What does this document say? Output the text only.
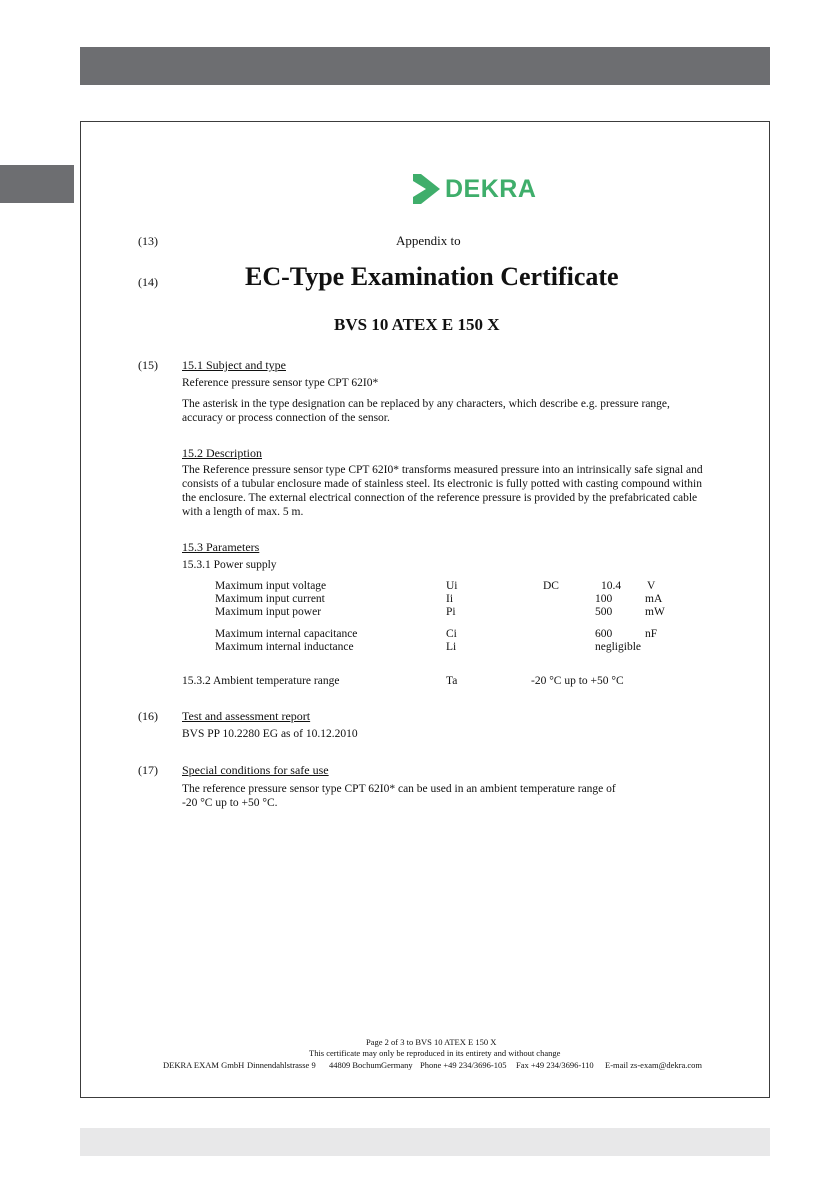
DEKRA
(13)	Appendix to
(14)	EC-Type Examination Certificate
BVS 10 ATEX E 150 X
(15) 15.1 Subject and type
Reference pressure sensor type CPT 62I0*
The asterisk in the type designation can be replaced by any characters, which describe e.g. pressure range,
accuracy or process connection of the sensor.
15.2 Description
The Reference pressure sensor type CPT 62I0* transforms measured pressure into an intrinsically safe signal and
consists of a tubular enclosure made of stainless steel. Its electronic is fully potted with casting compound within
the enclosure. The external electrical connection of the reference pressure is provided by the prefabricated cable
with a length of max. 5 m.
15.3 Parameters
15.3.1 Power supply
Maximum input voltage	Ui	DC	10.4 V
Maximum input current	Ii	100	mA
Maximum input power	Pi	500	mW
Maximum internal capacitance	Ci	600	nF
Maximum internal inductance	Li	negligible
15.3.2 Ambient temperature range	Ta	-20 °C up to +50 °C
(16) Test and assessment report
BVS PP 10.2280 EG as of 10.12.2010
(17) Special conditions for safe use
The reference pressure sensor type CPT 62I0* can be used in an ambient temperature range of
-20 °C up to +50 °C.
Page 2 of 3 to BVS 10 ATEX E 150 X
This certificate may only be reproduced in its entirety and without change
DEKRA EXAM GmbH Dinnendahlstrasse 9 44809 Bochum Germany Phone +49 234/3696-105 Fax +49 234/3696-110 E-mail zs-exam@dekra.com
